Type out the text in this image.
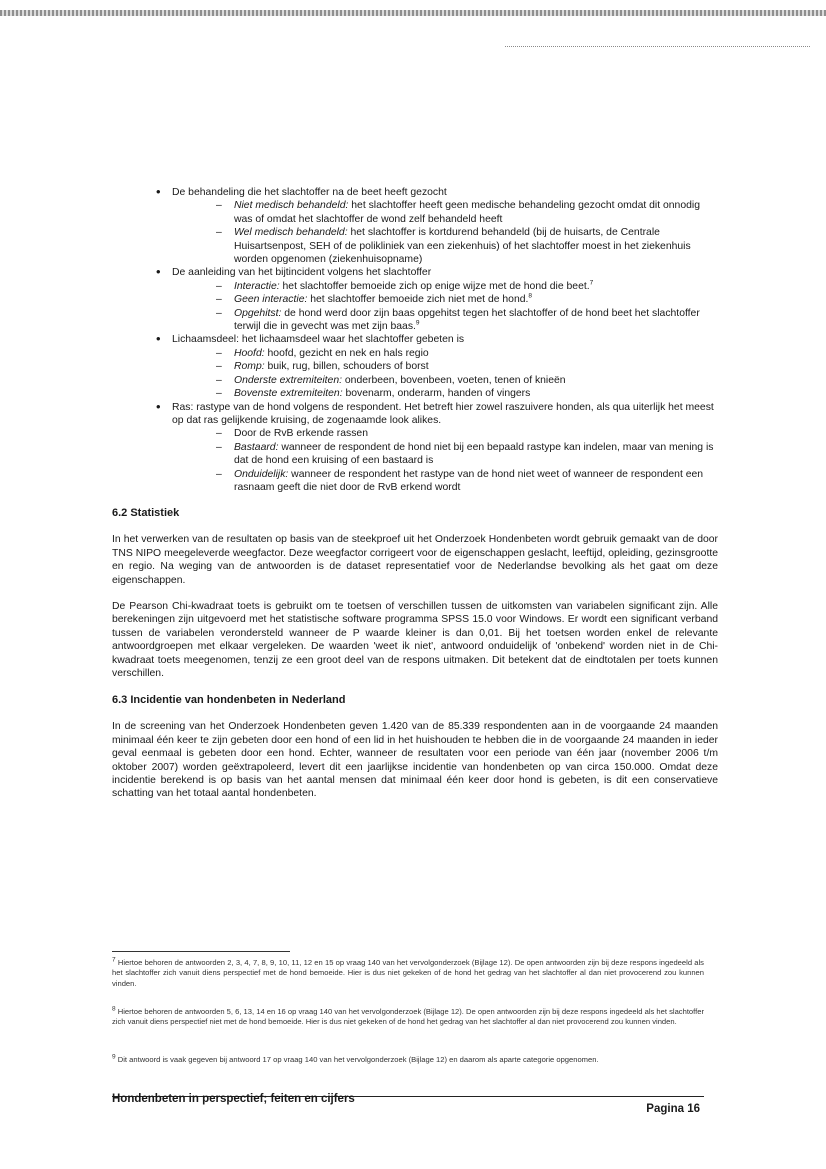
• De behandeling die het slachtoffer na de beet heeft gezocht
– Niet medisch behandeld: het slachtoffer heeft geen medische behandeling gezocht omdat dit onnodig was of omdat het slachtoffer de wond zelf behandeld heeft
– Wel medisch behandeld: het slachtoffer is kortdurend behandeld (bij de huisarts, de Centrale Huisartsenpost, SEH of de polikliniek van een ziekenhuis) of het slachtoffer moest in het ziekenhuis worden opgenomen (ziekenhuisopname)
• De aanleiding van het bijtincident volgens het slachtoffer
– Interactie: het slachtoffer bemoeide zich op enige wijze met de hond die beet.$^7$
– Geen interactie: het slachtoffer bemoeide zich niet met de hond.$^8$
– Opgehitst: de hond werd door zijn baas opgehitst tegen het slachtoffer of de hond beet het slachtoffer terwijl die in gevecht was met zijn baas.$^9$
• Lichaamsdeel: het lichaamsdeel waar het slachtoffer gebeten is
– Hoofd: hoofd, gezicht en nek en hals regio
– Romp: buik, rug, billen, schouders of borst
– Onderste extremiteiten: onderbeen, bovenbeen, voeten, tenen of knieën
– Bovenste extremiteiten: bovenarm, onderarm, handen of vingers
• Ras: rastype van de hond volgens de respondent. Het betreft hier zowel raszuivere honden, als qua uiterlijk het meest op dat ras gelijkende kruising, de zogenaamde look alikes.
– Door de RvB erkende rassen
– Bastaard: wanneer de respondent de hond niet bij een bepaald rastype kan indelen, maar van mening is dat de hond een kruising of een bastaard is
– Onduidelijk: wanneer de respondent het rastype van de hond niet weet of wanneer de respondent een rasnaam geeft die niet door de RvB erkend wordt
6.2 Statistiek

In het verwerken van de resultaten op basis van de steekproef uit het Onderzoek Hondenbeten wordt gebruik gemaakt van de door TNS NIPO meegeleverde weegfactor. Deze weegfactor corrigeert voor de eigenschappen geslacht, leeftijd, opleiding, gezinsgrootte en regio. Na weging van de antwoorden is de dataset representatief voor de Nederlandse bevolking als het gaat om deze eigenschappen.

De Pearson Chi-kwadraat toets is gebruikt om te toetsen of verschillen tussen de uitkomsten van variabelen significant zijn. Alle berekeningen zijn uitgevoerd met het statistische software programma SPSS 15.0 voor Windows. Er wordt een significant verband tussen de variabelen verondersteld wanneer de P waarde kleiner is dan 0,01. Bij het toetsen worden enkel de relevante antwoordgroepen met elkaar vergeleken. De waarden 'weet ik niet', antwoord onduidelijk of 'onbekend' worden niet in de Chi-kwadraat toets meegenomen, tenzij ze een groot deel van de respons uitmaken. Dit betekent dat de eindtotalen per toets kunnen verschillen.

6.3 Incidentie van hondenbeten in Nederland

In de screening van het Onderzoek Hondenbeten geven 1.420 van de 85.339 respondenten aan in de voorgaande 24 maanden minimaal één keer te zijn gebeten door een hond of een lid in het huishouden te hebben die in de voorgaande 24 maanden in ieder geval eenmaal is gebeten door een hond. Echter, wanneer de resultaten voor een periode van één jaar (november 2006 t/m oktober 2007) worden geëxtrapoleerd, levert dit een jaarlijkse incidentie van hondenbeten op van circa 150.000. Omdat deze incidentie berekend is op basis van het aantal mensen dat minimaal één keer door hond is gebeten, is dit een conservatieve schatting van het totaal aantal hondenbeten.

$^7$ Hiertoe behoren de antwoorden 2, 3, 4, 7, 8, 9, 10, 11, 12 en 15 op vraag 140 van het vervolgonderzoek (Bijlage 12). De open antwoorden zijn bij deze respons ingedeeld als het slachtoffer zich vanuit diens perspectief met de hond bemoeide. Hier is dus niet gekeken of de hond het gedrag van het slachtoffer al dan niet provocerend zou kunnen vinden.
$^8$ Hiertoe behoren de antwoorden 5, 6, 13, 14 en 16 op vraag 140 van het vervolgonderzoek (Bijlage 12). De open antwoorden zijn bij deze respons ingedeeld als het slachtoffer zich vanuit diens perspectief niet met de hond bemoeide. Hier is dus niet gekeken of de hond het gedrag van het slachtoffer al dan niet provocerend zou kunnen vinden.
$^9$ Dit antwoord is vaak gegeven bij antwoord 17 op vraag 140 van het vervolgonderzoek (Bijlage 12) en daarom als aparte categorie opgenomen.
Hondenbeten in perspectief; feiten en cijfers
Pagina 16
